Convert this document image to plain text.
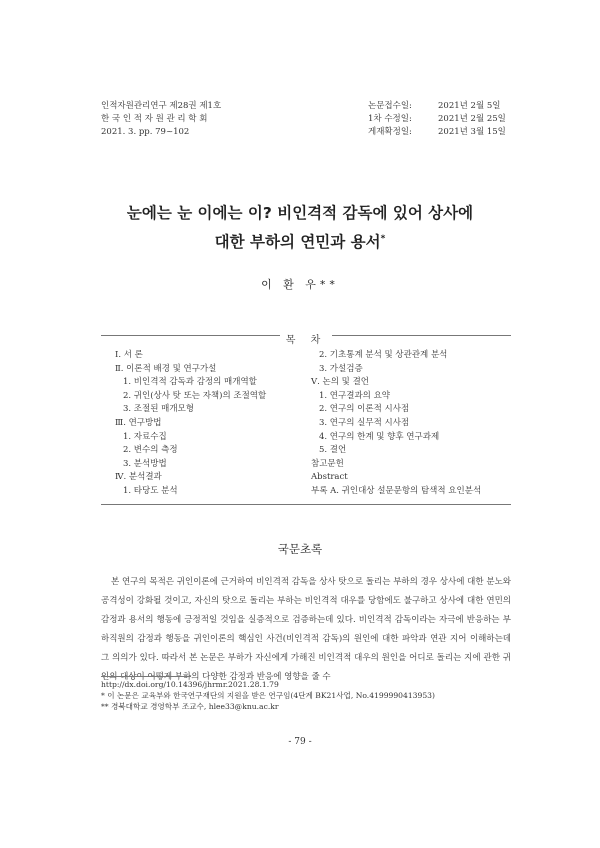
인적자원관리연구 제28권 제1호
한 국 인 적 자 원 관 리 학 회
2021. 3. pp. 79~102
논문접수일:	2021년 2월 5일
1차 수정일:	2021년 2월 25일
게재확정일:	2021년 3월 15일
눈에는 눈 이에는 이? 비인격적 감독에 있어 상사에
대한 부하의 연민과 용서*
이 환 우**
목 차
Ⅰ. 서 론
Ⅱ. 이론적 배경 및 연구가설
1. 비인격적 감독과 감정의 매개역할
2. 귀인(상사 탓 또는 자책)의 조절역할
3. 조절된 매개모형
Ⅲ. 연구방법
1. 자료수집
2. 변수의 측정
3. 분석방법
Ⅳ. 분석결과
1. 타당도 분석
2. 기초통계 분석 및 상관관계 분석
3. 가설검증
Ⅴ. 논의 및 결언
1. 연구결과의 요약
2. 연구의 이론적 시사점
3. 연구의 실무적 시사점
4. 연구의 한계 및 향후 연구과제
5. 결언
참고문헌
Abstract
부록 A. 귀인대상 설문문항의 탐색적 요인분석
국문초록
본 연구의 목적은 귀인이론에 근거하여 비인격적 감독을 상사 탓으로 돌리는 부하의 경우 상사에 대한 분노와 공격성이 강화될 것이고, 자신의 탓으로 돌리는 부하는 비인격적 대우를 당함에도 불구하고 상사에 대한 연민의 감정과 용서의 행동에 긍정적일 것임을 실증적으로 검증하는데 있다. 비인격적 감독이라는 자극에 반응하는 부하직원의 감정과 행동을 귀인이론의 핵심인 사건(비인격적 감독)의 원인에 대한 파악과 연관 지어 이해하는데 그 의의가 있다. 따라서 본 논문은 부하가 자신에게 가해진 비인격적 대우의 원인을 어디로 돌리는 지에 관한 귀인의 대상이 어떻게 부하의 다양한 감정과 반응에 영향을 줄 수
http://dx.doi.org/10.14396/jhrmr.2021.28.1.79
* 이 논문은 교육부와 한국연구재단의 지원을 받은 연구임(4단계 BK21사업, No.4199990413953)
** 경북대학교 경영학부 조교수, hlee33@knu.ac.kr
- 79 -
